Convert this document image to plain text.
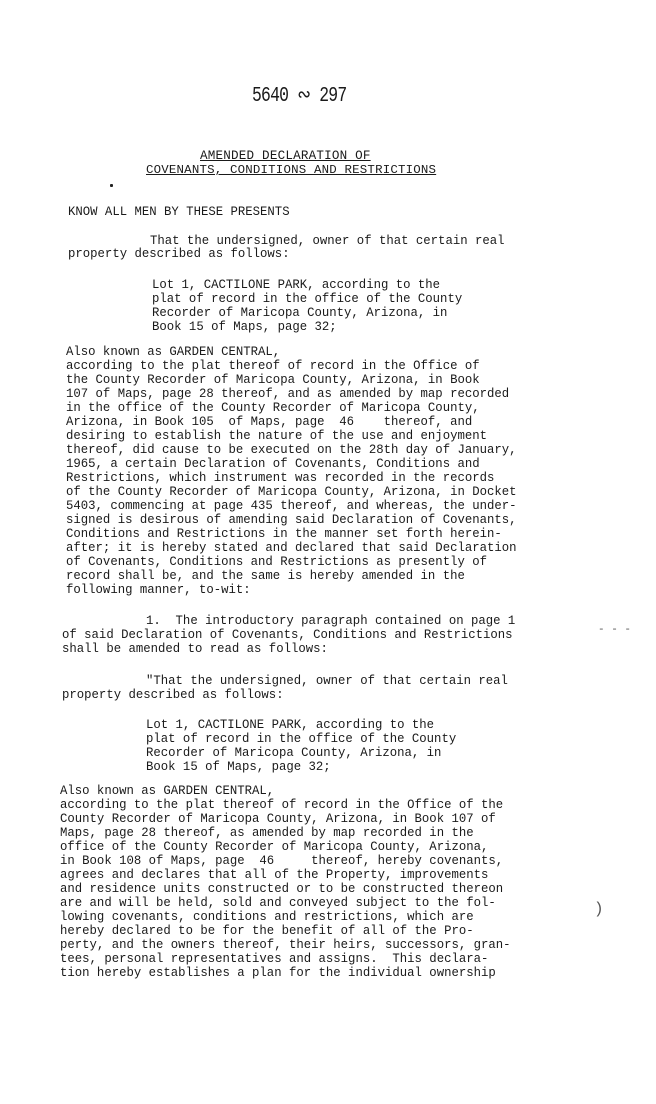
5640 ∾ 297
AMENDED DECLARATION OF
COVENANTS, CONDITIONS AND RESTRICTIONS
KNOW ALL MEN BY THESE PRESENTS
That the undersigned, owner of that certain real
property described as follows:
Lot 1, CACTILONE PARK, according to the
plat of record in the office of the County
Recorder of Maricopa County, Arizona, in
Book 15 of Maps, page 32;
Also known as GARDEN CENTRAL,
according to the plat thereof of record in the Office of
the County Recorder of Maricopa County, Arizona, in Book
107 of Maps, page 28 thereof, and as amended by map recorded
in the office of the County Recorder of Maricopa County,
Arizona, in Book 105  of Maps, page  46    thereof, and
desiring to establish the nature of the use and enjoyment
thereof, did cause to be executed on the 28th day of January,
1965, a certain Declaration of Covenants, Conditions and
Restrictions, which instrument was recorded in the records
of the County Recorder of Maricopa County, Arizona, in Docket
5403, commencing at page 435 thereof, and whereas, the under-
signed is desirous of amending said Declaration of Covenants,
Conditions and Restrictions in the manner set forth herein-
after; it is hereby stated and declared that said Declaration
of Covenants, Conditions and Restrictions as presently of
record shall be, and the same is hereby amended in the
following manner, to-wit:
1.  The introductory paragraph contained on page 1
of said Declaration of Covenants, Conditions and Restrictions
shall be amended to read as follows:
- - -
"That the undersigned, owner of that certain real
property described as follows:
Lot 1, CACTILONE PARK, according to the
plat of record in the office of the County
Recorder of Maricopa County, Arizona, in
Book 15 of Maps, page 32;
Also known as GARDEN CENTRAL,
according to the plat thereof of record in the Office of the
County Recorder of Maricopa County, Arizona, in Book 107 of
Maps, page 28 thereof, as amended by map recorded in the
office of the County Recorder of Maricopa County, Arizona,
in Book 108 of Maps, page  46     thereof, hereby covenants,
agrees and declares that all of the Property, improvements
and residence units constructed or to be constructed thereon
are and will be held, sold and conveyed subject to the fol-
lowing covenants, conditions and restrictions, which are
hereby declared to be for the benefit of all of the Pro-
perty, and the owners thereof, their heirs, successors, gran-
tees, personal representatives and assigns.  This declara-
tion hereby establishes a plan for the individual ownership
)
